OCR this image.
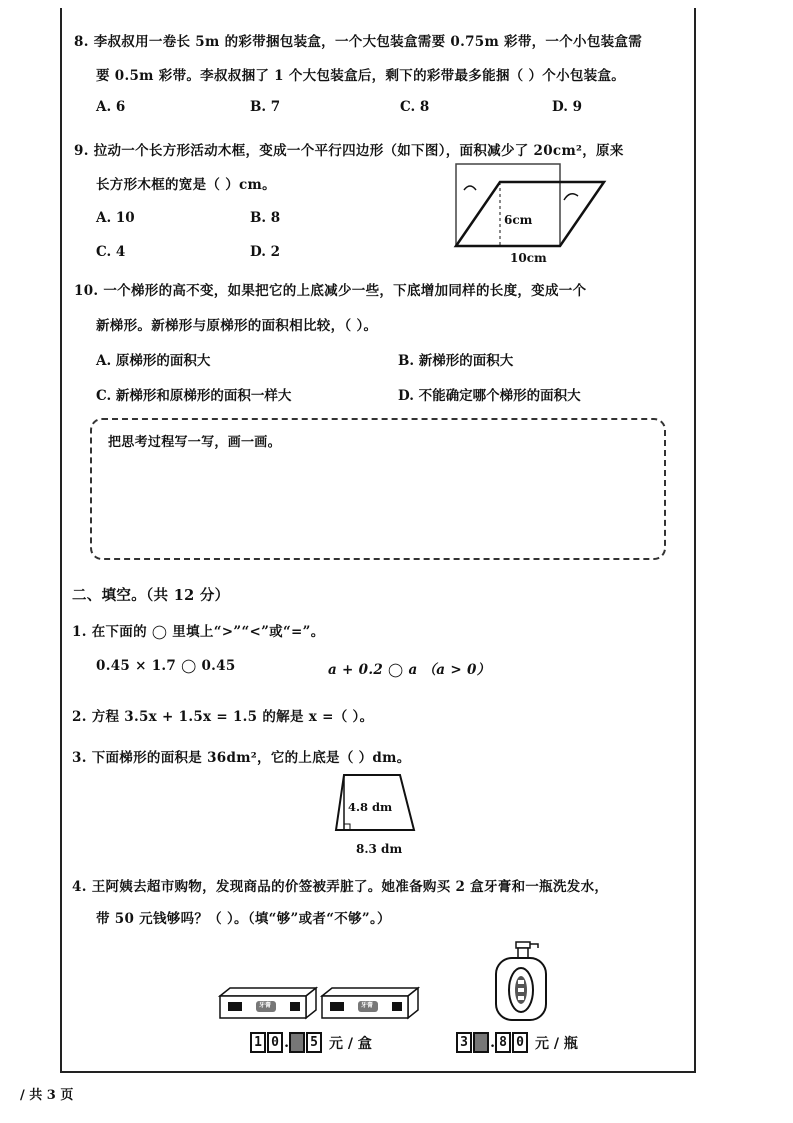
8. 李叔叔用一卷长 5m 的彩带捆包装盒，一个大包装盒需要 0.75m 彩带，一个小包装盒需
要 0.5m 彩带。李叔叔捆了 1 个大包装盒后，剩下的彩带最多能捆（ ）个小包装盒。
A. 6	B. 7	C. 8	D. 9
9. 拉动一个长方形活动木框，变成一个平行四边形（如下图），面积减少了 20cm²，原来
长方形木框的宽是（ ）cm。
A. 10	B. 8
C. 4	D. 2
6cm
10cm
10. 一个梯形的高不变，如果把它的上底减少一些，下底增加同样的长度，变成一个
新梯形。新梯形与原梯形的面积相比较，（ ）。
A. 原梯形的面积大	B. 新梯形的面积大
C. 新梯形和原梯形的面积一样大	D. 不能确定哪个梯形的面积大
把思考过程写一写，画一画。
二、填空。（共 12 分）
1. 在下面的 ◯ 里填上“>”“<”或“=”。
0.45 × 1.7 ◯ 0.45	a + 0.2 ◯ a （a > 0）
2. 方程 3.5x + 1.5x = 1.5 的解是 x =（ ）。
3. 下面梯形的面积是 36dm²，它的上底是（ ）dm。
4.8 dm
8.3 dm
4. 王阿姨去超市购物，发现商品的价签被弄脏了。她准备购买 2 盒牙膏和一瓶洗发水，
带 50 元钱够吗？（ ）。（填“够”或者“不够”。）
牙膏	牙膏
1 0 . ■ 5 元 / 盒	3 ■ . 8 0 元 / 瓶
/ 共 3 页
